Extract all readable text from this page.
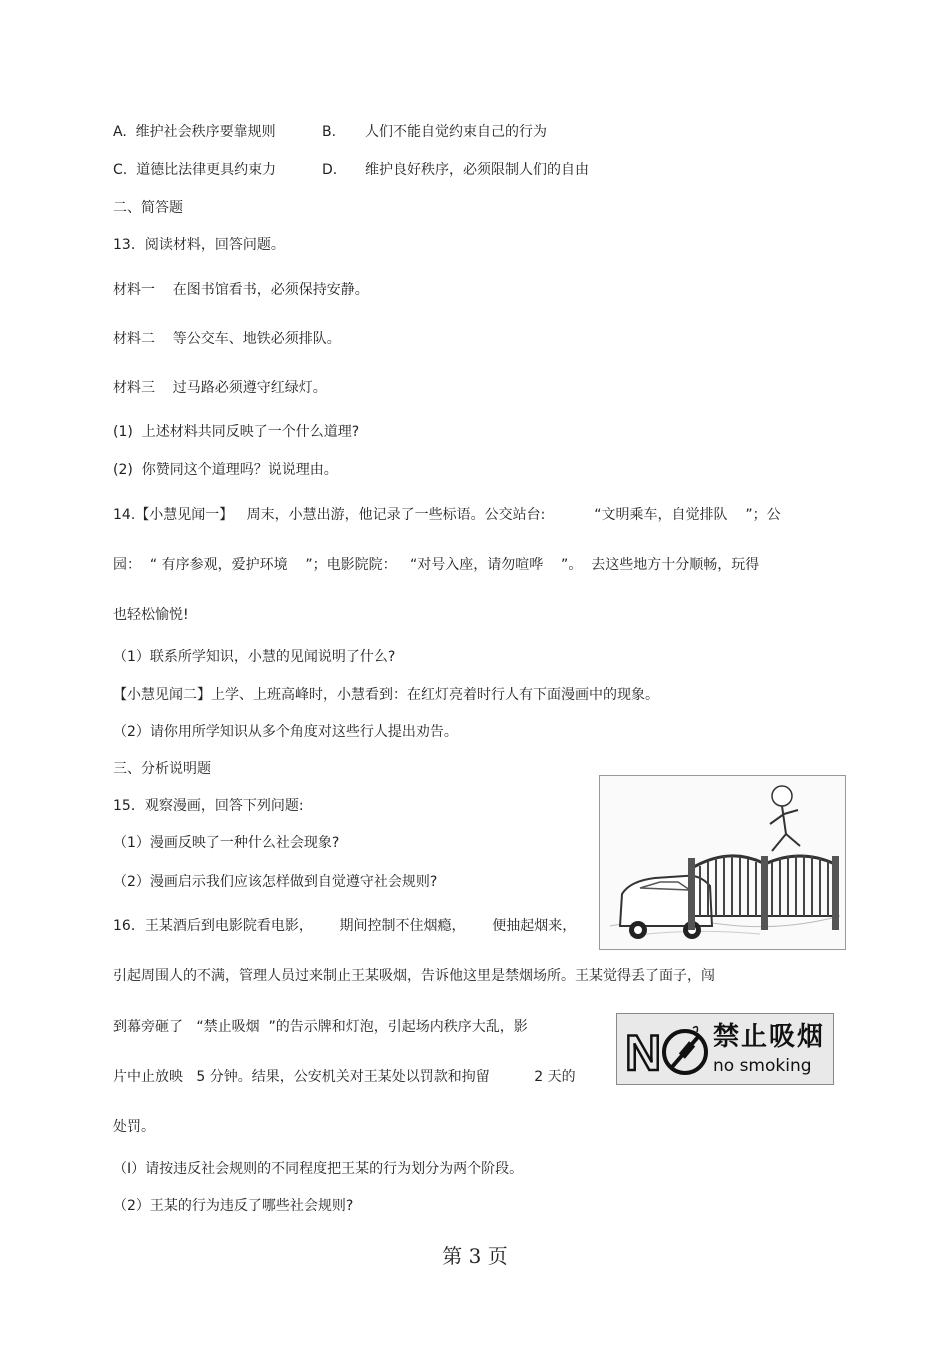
A.  维护社会秩序要靠规则	B. 人们不能自觉约束自己的行为
C.  道德比法律更具约束力	D. 维护良好秩序，必须限制人们的自由
二、简答题
13．阅读材料，回答问题。
材料一    在图书馆看书，必须保持安静。
材料二    等公交车、地铁必须排队。
材料三    过马路必须遵守红绿灯。
(1)  上述材料共同反映了一个什么道理?
(2)  你赞同这个道理吗？说说理由。
14.【小慧见闻一】   周末，小慧出游，他记录了一些标语。公交站台:           “文明乘车，自觉排队    ”；公
园：  “ 有序参观，爱护环境    ”；电影院院：   “对号入座，请勿喧哗    ”。  去这些地方十分顺畅，玩得
也轻松愉悦!
（1）联系所学知识，小慧的见闻说明了什么?
【小慧见闻二】上学、上班高峰时，小慧看到：在红灯亮着时行人有下面漫画中的现象。
（2）请你用所学知识从多个角度对这些行人提出劝告。
三、分析说明题
15．观察漫画，回答下列问题:
（1）漫画反映了一种什么社会现象?
（2）漫画启示我们应该怎样做到自觉遵守社会规则?
16．王某酒后到电影院看电影，      期间控制不住烟瘾，      便抽起烟来，
引起周围人的不满，管理人员过来制止王某吸烟，告诉他这里是禁烟场所。王某觉得丢了面子，闯
到幕旁砸了   “禁止吸烟  ”的告示牌和灯泡，引起场内秩序大乱，影
片中止放映   5 分钟。结果，公安机关对王某处以罚款和拘留          2 天的
处罚。
（Ⅰ）请按违反社会规则的不同程度把王某的行为划分为两个阶段。
（2）王某的行为违反了哪些社会规则?
N 禁止吸烟
no smoking
第 3 页
